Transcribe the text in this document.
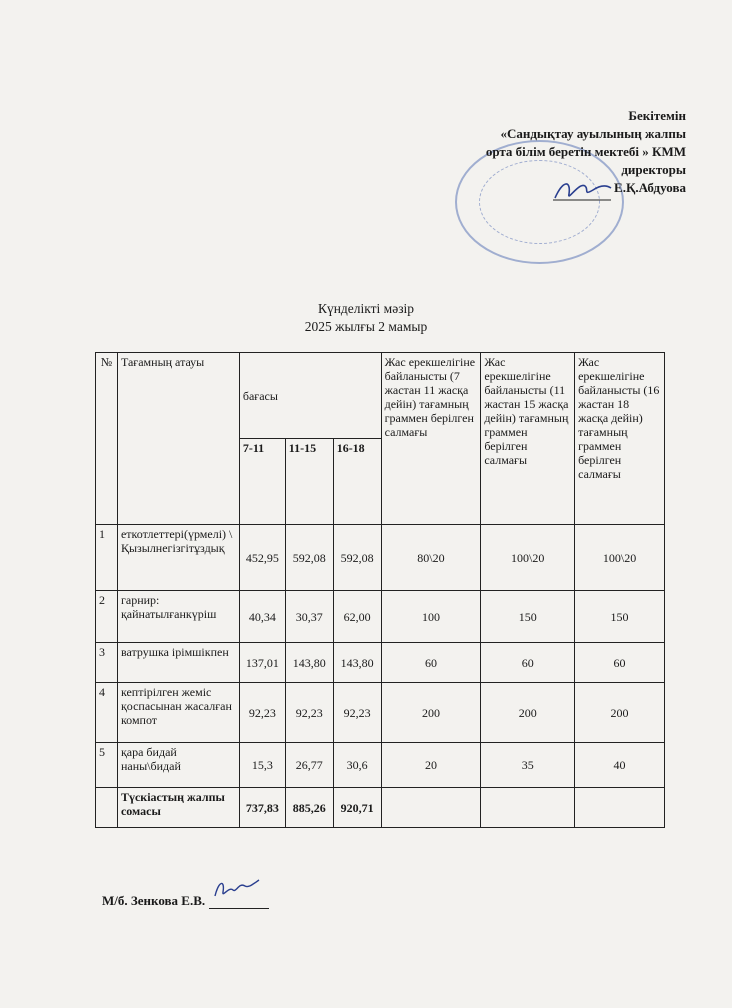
Бекітемін
«Сандықтау ауылының жалпы
орта білім беретін мектебі » КММ
директоры
Е.Қ.Абдуова
Күнделікті мәзір
2025 жылғы 2 мамыр
№	Тағамның атауы	бағасы			Жас ерекшелігіне байланысты (7 жастан 11 жасқа дейін) тағамның граммен берілген салмағы	Жас ерекшелігіне байланысты (11 жастан 15 жасқа дейін) тағамның граммен берілген салмағы	Жас ерекшелігіне байланысты (16 жастан 18 жасқа дейін) тағамның граммен берілген салмағы
		7-11	11-15	16-18			
1	еткотлеттері(үрмелі) \ Қызылнегізгітұздық	452,95	592,08	592,08	80\20	100\20	100\20
2	гарнир: қайнатылғанкүріш	40,34	30,37	62,00	100	150	150
3	ватрушка ірімшікпен	137,01	143,80	143,80	60	60	60
4	кептірілген жеміс қоспасынан жасалған компот	92,23	92,23	92,23	200	200	200
5	қара бидай наны\бидай	15,3	26,77	30,6	20	35	40
	Түскіастың жалпы сомасы	737,83	885,26	920,71			
М/б. Зенкова Е.В.
